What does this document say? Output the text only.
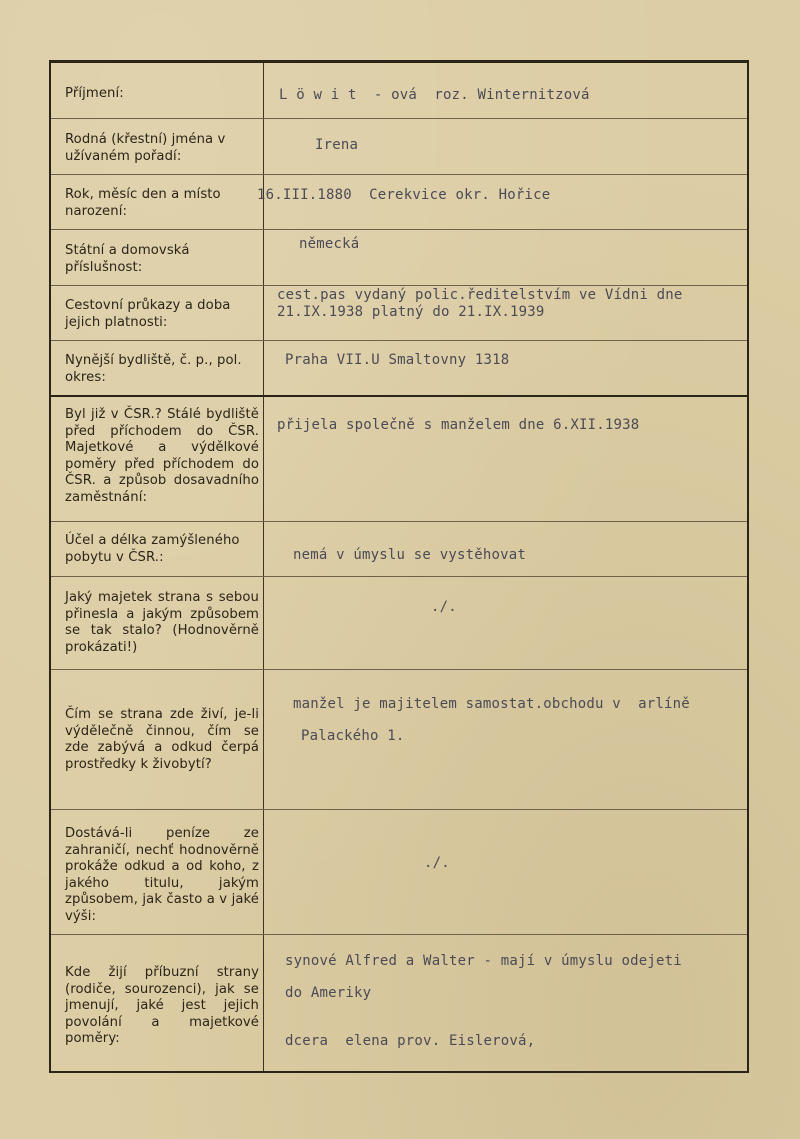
Příjmení:	L ö w i t  - ová  roz. Winternitzová
Rodná (křestní) jména v užívaném pořadí:
Irena
Rok, měsíc den a místo narození:
16.III.1880  Cerekvice okr. Hořice
Státní a domovská příslušnost:
německá
Cestovní průkazy a doba jejich platnosti:
cest.pas vydaný polic.ředitelstvím ve Vídni dne
21.IX.1938 platný do 21.IX.1939
Nynější bydliště, č. p., pol. okres:
Praha VII.U Smaltovny 1318
Byl již v ČSR.? Stálé bydliště před příchodem do ČSR. Majetkové a výdělkové poměry před příchodem do ČSR. a způsob dosavadního zaměstnání:
přijela společně s manželem dne 6.XII.1938
Účel a délka zamýšleného pobytu v ČSR.:	nemá v úmyslu se vystěhovat
Jaký majetek strana s sebou přinesla a jakým způsobem se tak stalo? (Hodnověrně prokázati!)
./.
Čím se strana zde živí, je-li výdělečně činnou, čím se zde zabývá a odkud čerpá prostředky k živobytí?
manžel je majitelem samostat.obchodu v  arlíně
Palackého 1.
Dostává-li peníze ze zahraničí, nechť hodnověrně prokáže odkud a od koho, z jakého titulu, jakým způsobem, jak často a v jaké výši:
./.
Kde žijí příbuzní strany (rodiče, sourozenci), jak se jmenují, jaké jest jejich povolání a majetkové poměry:
synové Alfred a Walter - mají v úmyslu odejeti
do Ameriky
dcera  elena prov. Eislerová,
